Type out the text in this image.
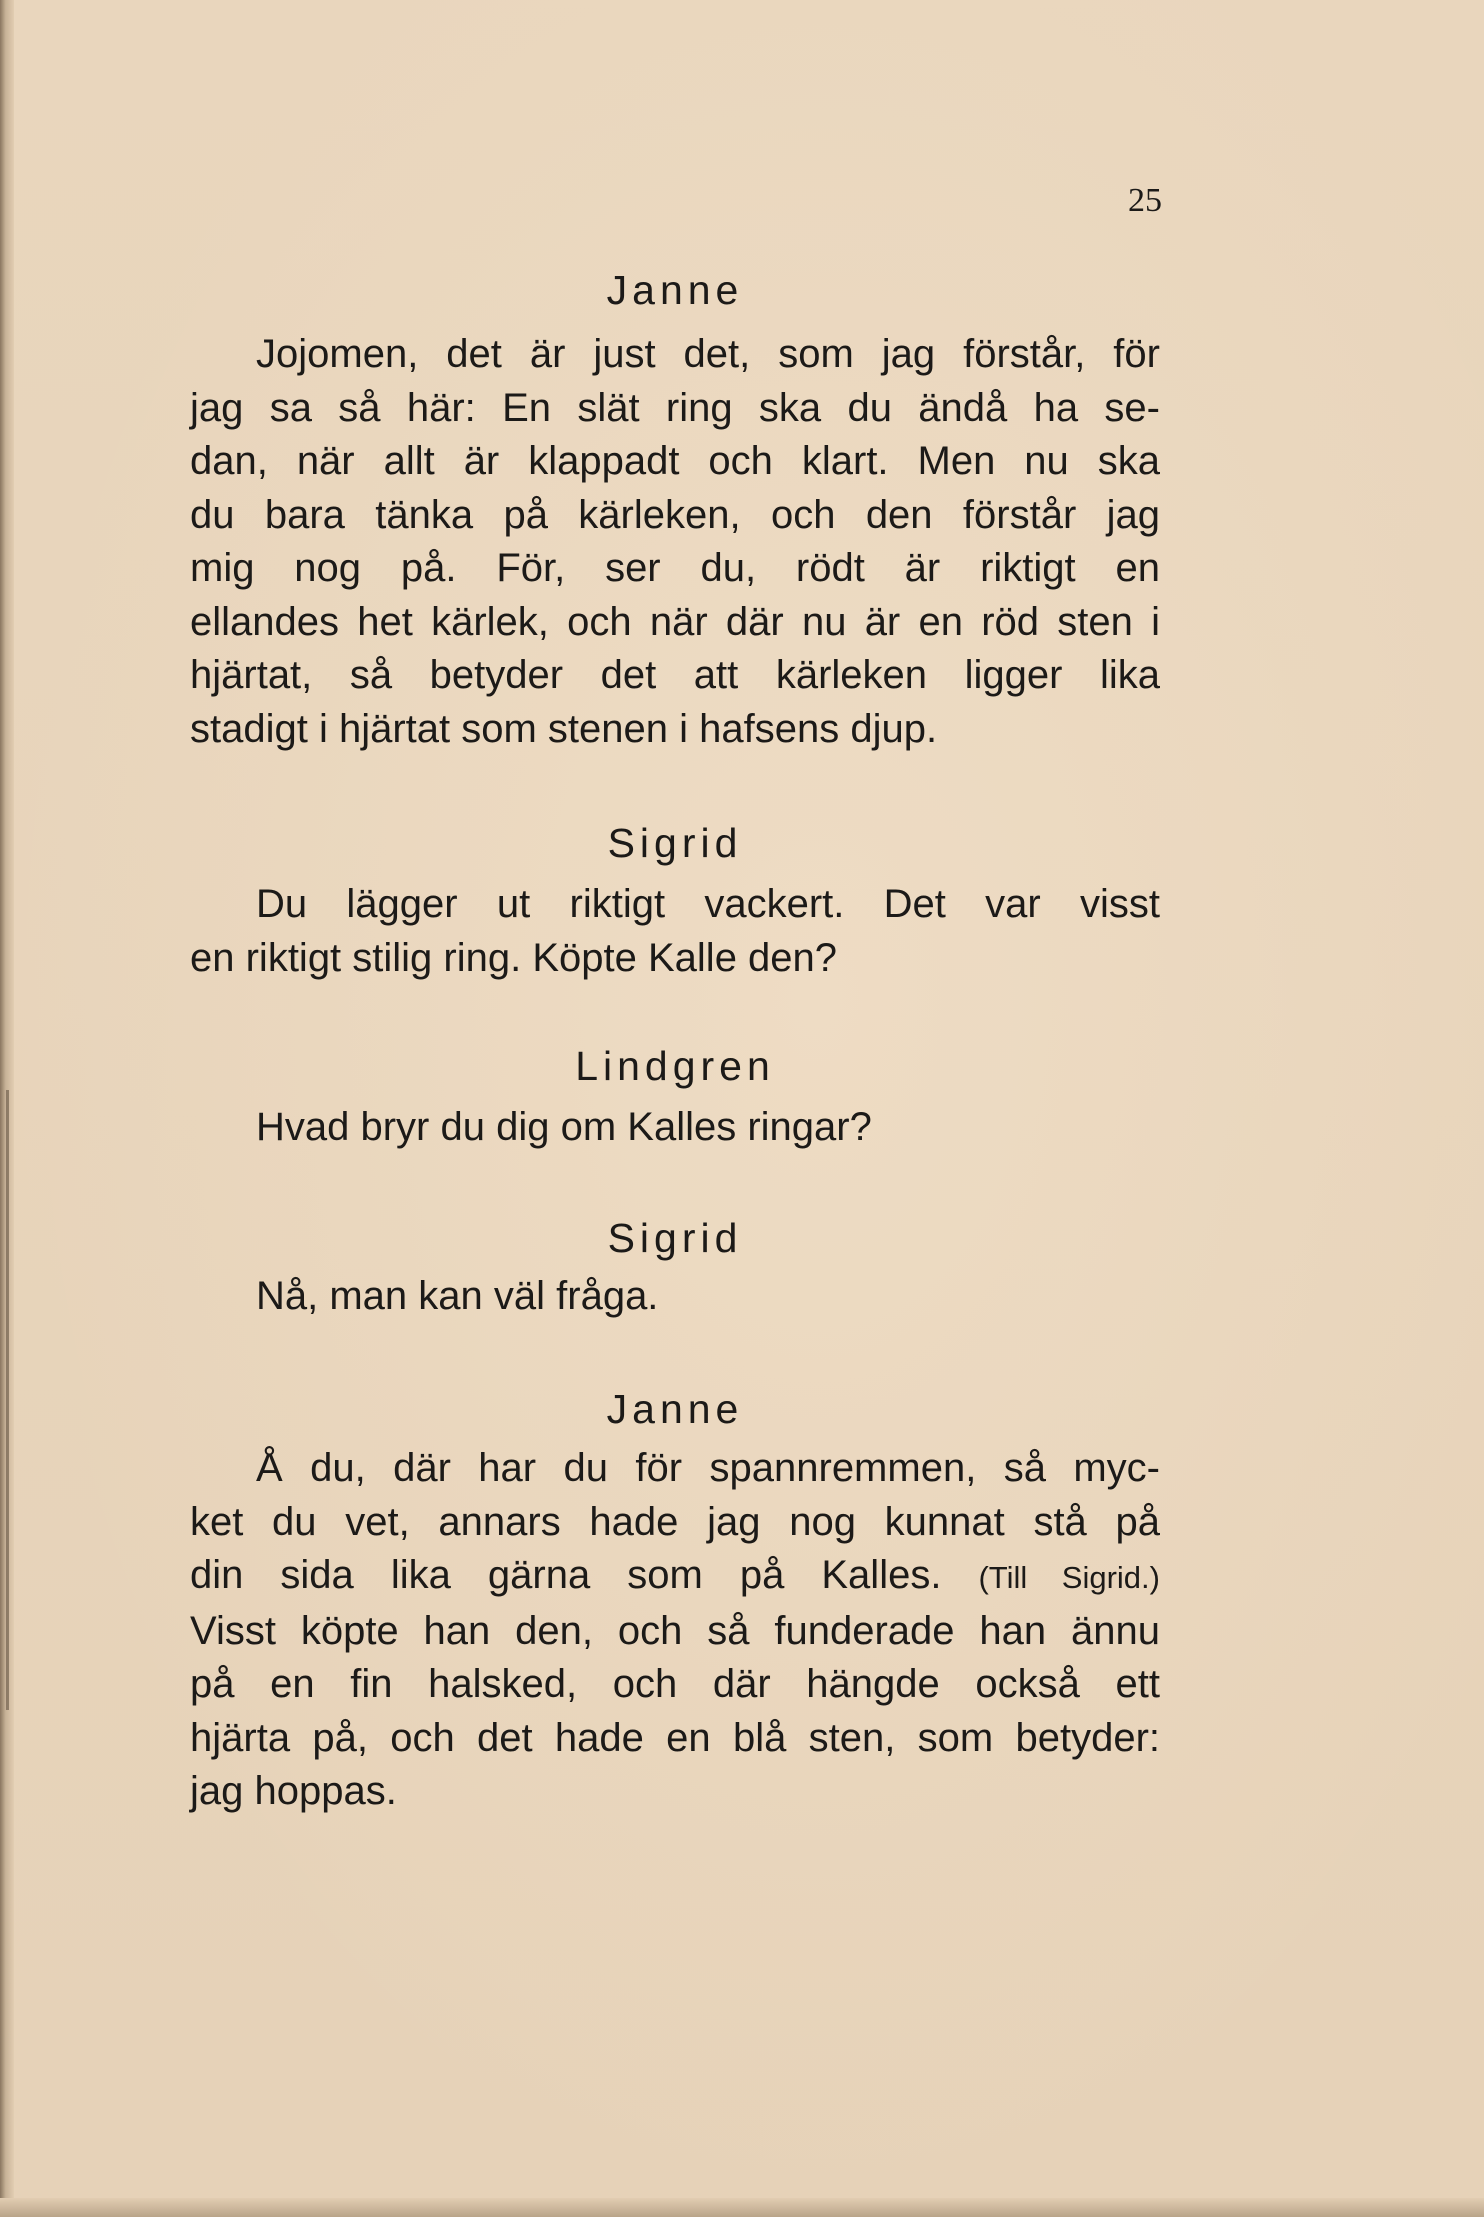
25
Janne
Jojomen, det är just det, som jag förstår, för
jag sa så här: En slät ring ska du ändå ha se-
dan, när allt är klappadt och klart. Men nu ska
du bara tänka på kärleken, och den förstår jag
mig nog på. För, ser du, rödt är riktigt en
ellandes het kärlek, och när där nu är en röd sten i
hjärtat, så betyder det att kärleken ligger lika
stadigt i hjärtat som stenen i hafsens djup.
Sigrid
Du lägger ut riktigt vackert. Det var visst
en riktigt stilig ring. Köpte Kalle den?
Lindgren
Hvad bryr du dig om Kalles ringar?
Sigrid
Nå, man kan väl fråga.
Janne
Å du, där har du för spannremmen, så myc-
ket du vet, annars hade jag nog kunnat stå på
din sida lika gärna som på Kalles. (Till Sigrid.)
Visst köpte han den, och så funderade han ännu
på en fin halsked, och där hängde också ett
hjärta på, och det hade en blå sten, som betyder:
jag hoppas.
